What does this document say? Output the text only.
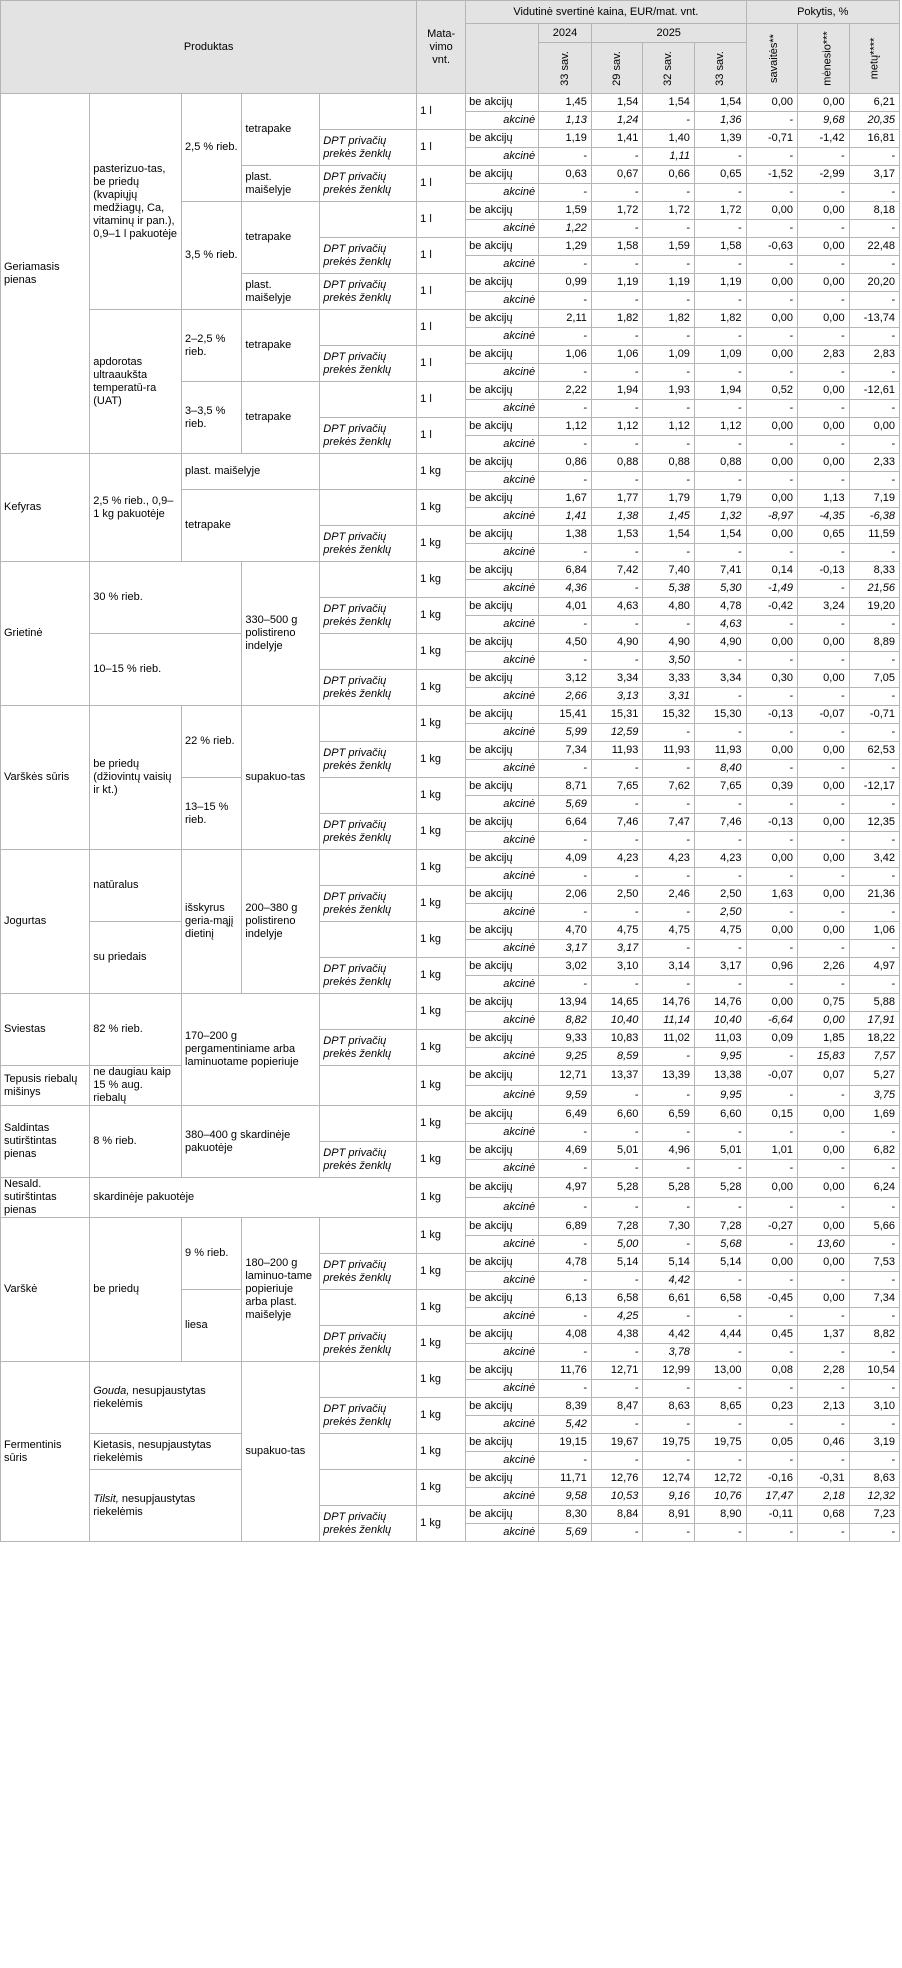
Produktas					Mata-vimo vnt.	Vidutinė svertinė kaina, EUR/mat. vnt.					Pokytis, %		
							2024	2025			savaitės**	mėnesio***	metų****
							33 sav.	29 sav.	32 sav.	33 sav.			
Geriamasis pienas	pasterizuo-tas, be priedų (kvapiųjų medžiagų, Ca, vitaminų ir pan.), 0,9–1 l pakuotėje	2,5 % rieb.	tetrapake		1 l	be akcijų	1,45	1,54	1,54	1,54	0,00	0,00	6,21
						akcinė	1,13	1,24	-	1,36	-	9,68	20,35
				DPT privačių prekės ženklų	1 l	be akcijų	1,19	1,41	1,40	1,39	-0,71	-1,42	16,81
						akcinė	-	-	1,11	-	-	-	-
			plast. maišelyje	DPT privačių prekės ženklų	1 l	be akcijų	0,63	0,67	0,66	0,65	-1,52	-2,99	3,17
						akcinė	-	-	-	-	-	-	-
		3,5 % rieb.	tetrapake		1 l	be akcijų	1,59	1,72	1,72	1,72	0,00	0,00	8,18
						akcinė	1,22	-	-	-	-	-	-
				DPT privačių prekės ženklų	1 l	be akcijų	1,29	1,58	1,59	1,58	-0,63	0,00	22,48
						akcinė	-	-	-	-	-	-	-
			plast. maišelyje	DPT privačių prekės ženklų	1 l	be akcijų	0,99	1,19	1,19	1,19	0,00	0,00	20,20
						akcinė	-	-	-	-	-	-	-
	apdorotas ultraaukšta temperatū-ra (UAT)	2–2,5 % rieb.	tetrapake		1 l	be akcijų	2,11	1,82	1,82	1,82	0,00	0,00	-13,74
						akcinė	-	-	-	-	-	-	-
				DPT privačių prekės ženklų	1 l	be akcijų	1,06	1,06	1,09	1,09	0,00	2,83	2,83
						akcinė	-	-	-	-	-	-	-
		3–3,5 % rieb.	tetrapake		1 l	be akcijų	2,22	1,94	1,93	1,94	0,52	0,00	-12,61
						akcinė	-	-	-	-	-	-	-
				DPT privačių prekės ženklų	1 l	be akcijų	1,12	1,12	1,12	1,12	0,00	0,00	0,00
						akcinė	-	-	-	-	-	-	-
Kefyras	2,5 % rieb., 0,9–1 kg pakuotėje	plast. maišelyje			1 kg	be akcijų	0,86	0,88	0,88	0,88	0,00	0,00	2,33
						akcinė	-	-	-	-	-	-	-
		tetrapake			1 kg	be akcijų	1,67	1,77	1,79	1,79	0,00	1,13	7,19
						akcinė	1,41	1,38	1,45	1,32	-8,97	-4,35	-6,38
				DPT privačių prekės ženklų	1 kg	be akcijų	1,38	1,53	1,54	1,54	0,00	0,65	11,59
						akcinė	-	-	-	-	-	-	-
Grietinė	30 % rieb.		330–500 g polistireno indelyje		1 kg	be akcijų	6,84	7,42	7,40	7,41	0,14	-0,13	8,33
						akcinė	4,36	-	5,38	5,30	-1,49	-	21,56
				DPT privačių prekės ženklų	1 kg	be akcijų	4,01	4,63	4,80	4,78	-0,42	3,24	19,20
						akcinė	-	-	-	4,63	-	-	-
	10–15 % rieb.				1 kg	be akcijų	4,50	4,90	4,90	4,90	0,00	0,00	8,89
						akcinė	-	-	3,50	-	-	-	-
				DPT privačių prekės ženklų	1 kg	be akcijų	3,12	3,34	3,33	3,34	0,30	0,00	7,05
						akcinė	2,66	3,13	3,31	-	-	-	-
Varškės sūris	be priedų (džiovintų vaisių ir kt.)	22 % rieb.	supakuo-tas		1 kg	be akcijų	15,41	15,31	15,32	15,30	-0,13	-0,07	-0,71
						akcinė	5,99	12,59	-	-	-	-	-
				DPT privačių prekės ženklų	1 kg	be akcijų	7,34	11,93	11,93	11,93	0,00	0,00	62,53
						akcinė	-	-	-	8,40	-	-	-
		13–15 % rieb.			1 kg	be akcijų	8,71	7,65	7,62	7,65	0,39	0,00	-12,17
						akcinė	5,69	-	-	-	-	-	-
				DPT privačių prekės ženklų	1 kg	be akcijų	6,64	7,46	7,47	7,46	-0,13	0,00	12,35
						akcinė	-	-	-	-	-	-	-
Jogurtas	natūralus	išskyrus geria-mąjį dietinį	200–380 g polistireno indelyje		1 kg	be akcijų	4,09	4,23	4,23	4,23	0,00	0,00	3,42
						akcinė	-	-	-	-	-	-	-
				DPT privačių prekės ženklų	1 kg	be akcijų	2,06	2,50	2,46	2,50	1,63	0,00	21,36
						akcinė	-	-	-	2,50	-	-	-
	su priedais				1 kg	be akcijų	4,70	4,75	4,75	4,75	0,00	0,00	1,06
						akcinė	3,17	3,17	-	-	-	-	-
				DPT privačių prekės ženklų	1 kg	be akcijų	3,02	3,10	3,14	3,17	0,96	2,26	4,97
						akcinė	-	-	-	-	-	-	-
Sviestas	82 % rieb.	170–200 g pergamentiniame arba laminuotame popieriuje			1 kg	be akcijų	13,94	14,65	14,76	14,76	0,00	0,75	5,88
						akcinė	8,82	10,40	11,14	10,40	-6,64	0,00	17,91
				DPT privačių prekės ženklų	1 kg	be akcijų	9,33	10,83	11,02	11,03	0,09	1,85	18,22
						akcinė	9,25	8,59	-	9,95	-	15,83	7,57
Tepusis riebalų mišinys	ne daugiau kaip 15 % aug. riebalų				1 kg	be akcijų	12,71	13,37	13,39	13,38	-0,07	0,07	5,27
						akcinė	9,59	-	-	9,95	-	-	3,75
Saldintas sutirštintas pienas	8 % rieb.	380–400 g skardinėje pakuotėje			1 kg	be akcijų	6,49	6,60	6,59	6,60	0,15	0,00	1,69
						akcinė	-	-	-	-	-	-	-
				DPT privačių prekės ženklų	1 kg	be akcijų	4,69	5,01	4,96	5,01	1,01	0,00	6,82
						akcinė	-	-	-	-	-	-	-
Nesald. sutirštintas pienas	skardinėje pakuotėje				1 kg	be akcijų	4,97	5,28	5,28	5,28	0,00	0,00	6,24
						akcinė	-	-	-	-	-	-	-
Varškė	be priedų	9 % rieb.	180–200 g laminuo-tame popieriuje arba plast. maišelyje		1 kg	be akcijų	6,89	7,28	7,30	7,28	-0,27	0,00	5,66
						akcinė	-	5,00	-	5,68	-	13,60	-
				DPT privačių prekės ženklų	1 kg	be akcijų	4,78	5,14	5,14	5,14	0,00	0,00	7,53
						akcinė	-	-	4,42	-	-	-	-
		liesa			1 kg	be akcijų	6,13	6,58	6,61	6,58	-0,45	0,00	7,34
						akcinė	-	4,25	-	-	-	-	-
				DPT privačių prekės ženklų	1 kg	be akcijų	4,08	4,38	4,42	4,44	0,45	1,37	8,82
						akcinė	-	-	3,78	-	-	-	-
Fermentinis sūris	Gouda, nesupjaustytas riekelėmis		supakuo-tas		1 kg	be akcijų	11,76	12,71	12,99	13,00	0,08	2,28	10,54
						akcinė	-	-	-	-	-	-	-
				DPT privačių prekės ženklų	1 kg	be akcijų	8,39	8,47	8,63	8,65	0,23	2,13	3,10
						akcinė	5,42	-	-	-	-	-	-
	Kietasis, nesupjaustytas riekelėmis				1 kg	be akcijų	19,15	19,67	19,75	19,75	0,05	0,46	3,19
						akcinė	-	-	-	-	-	-	-
	Tilsit, nesupjaustytas riekelėmis				1 kg	be akcijų	11,71	12,76	12,74	12,72	-0,16	-0,31	8,63
						akcinė	9,58	10,53	9,16	10,76	17,47	2,18	12,32
				DPT privačių prekės ženklų	1 kg	be akcijų	8,30	8,84	8,91	8,90	-0,11	0,68	7,23
						akcinė	5,69	-	-	-	-	-	-
